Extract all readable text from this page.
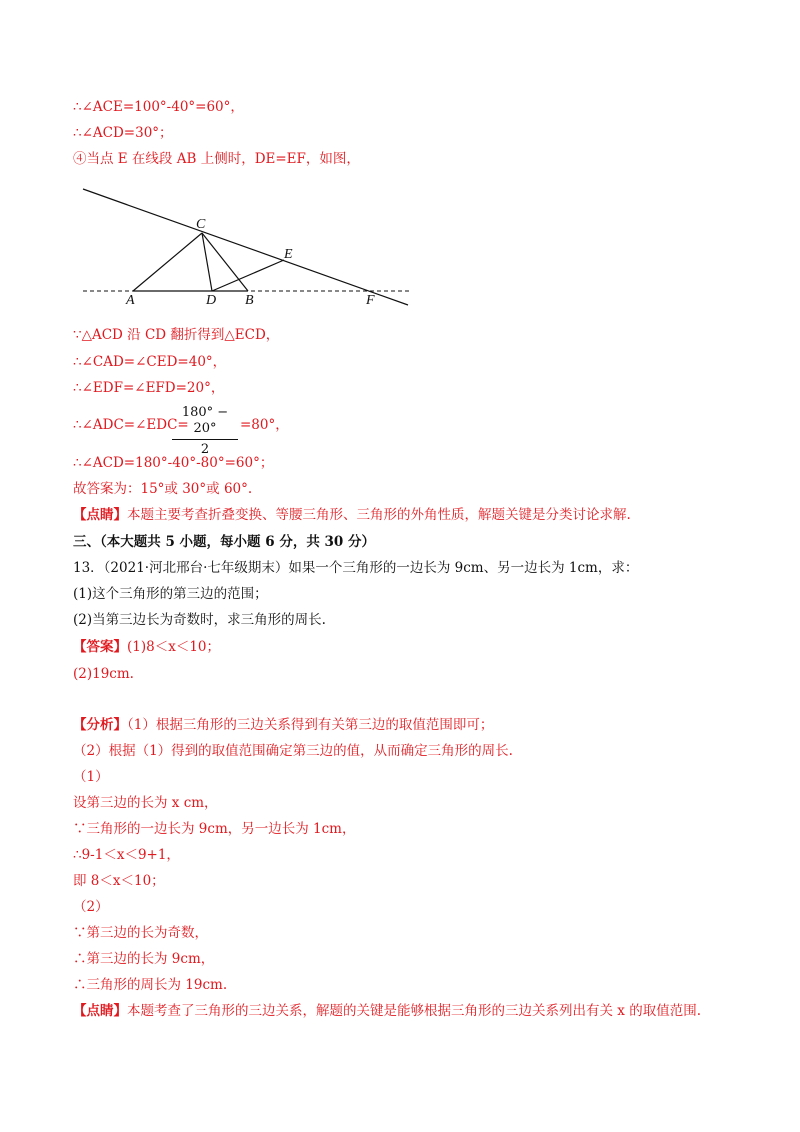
∴∠ACE=100°-40°=60°，
∴∠ACD=30°；
④当点 E 在线段 AB 上侧时，DE=EF，如图，
C
E
A	D B	F
∵△ACD 沿 CD 翻折得到△ECD，
∴∠CAD=∠CED=40°，
∴∠EDF=∠EFD=20°，
∴∠ADC=∠EDC=
180° − 20°
2
=80°，
∴∠ACD=180°-40°-80°=60°；
故答案为：15°或 30°或 60°.
【点睛】本题主要考查折叠变换、等腰三角形、三角形的外角性质，解题关键是分类讨论求解.
三、（本大题共 5 小题，每小题 6 分，共 30 分）
13．（2021·河北邢台·七年级期末）如果一个三角形的一边长为 9cm、另一边长为 1cm，求：
(1)这个三角形的第三边的范围；
(2)当第三边长为奇数时，求三角形的周长.
【答案】(1)8＜x＜10；
(2)19cm.
【分析】（1）根据三角形的三边关系得到有关第三边的取值范围即可；
（2）根据（1）得到的取值范围确定第三边的值，从而确定三角形的周长.
（1）
设第三边的长为 x cm，
∵三角形的一边长为 9cm，另一边长为 1cm，
∴9-1＜x＜9+1，
即 8＜x＜10；
（2）
∵第三边的长为奇数，
∴第三边的长为 9cm，
∴三角形的周长为 19cm.
【点睛】本题考查了三角形的三边关系，解题的关键是能够根据三角形的三边关系列出有关 x 的取值范围.
